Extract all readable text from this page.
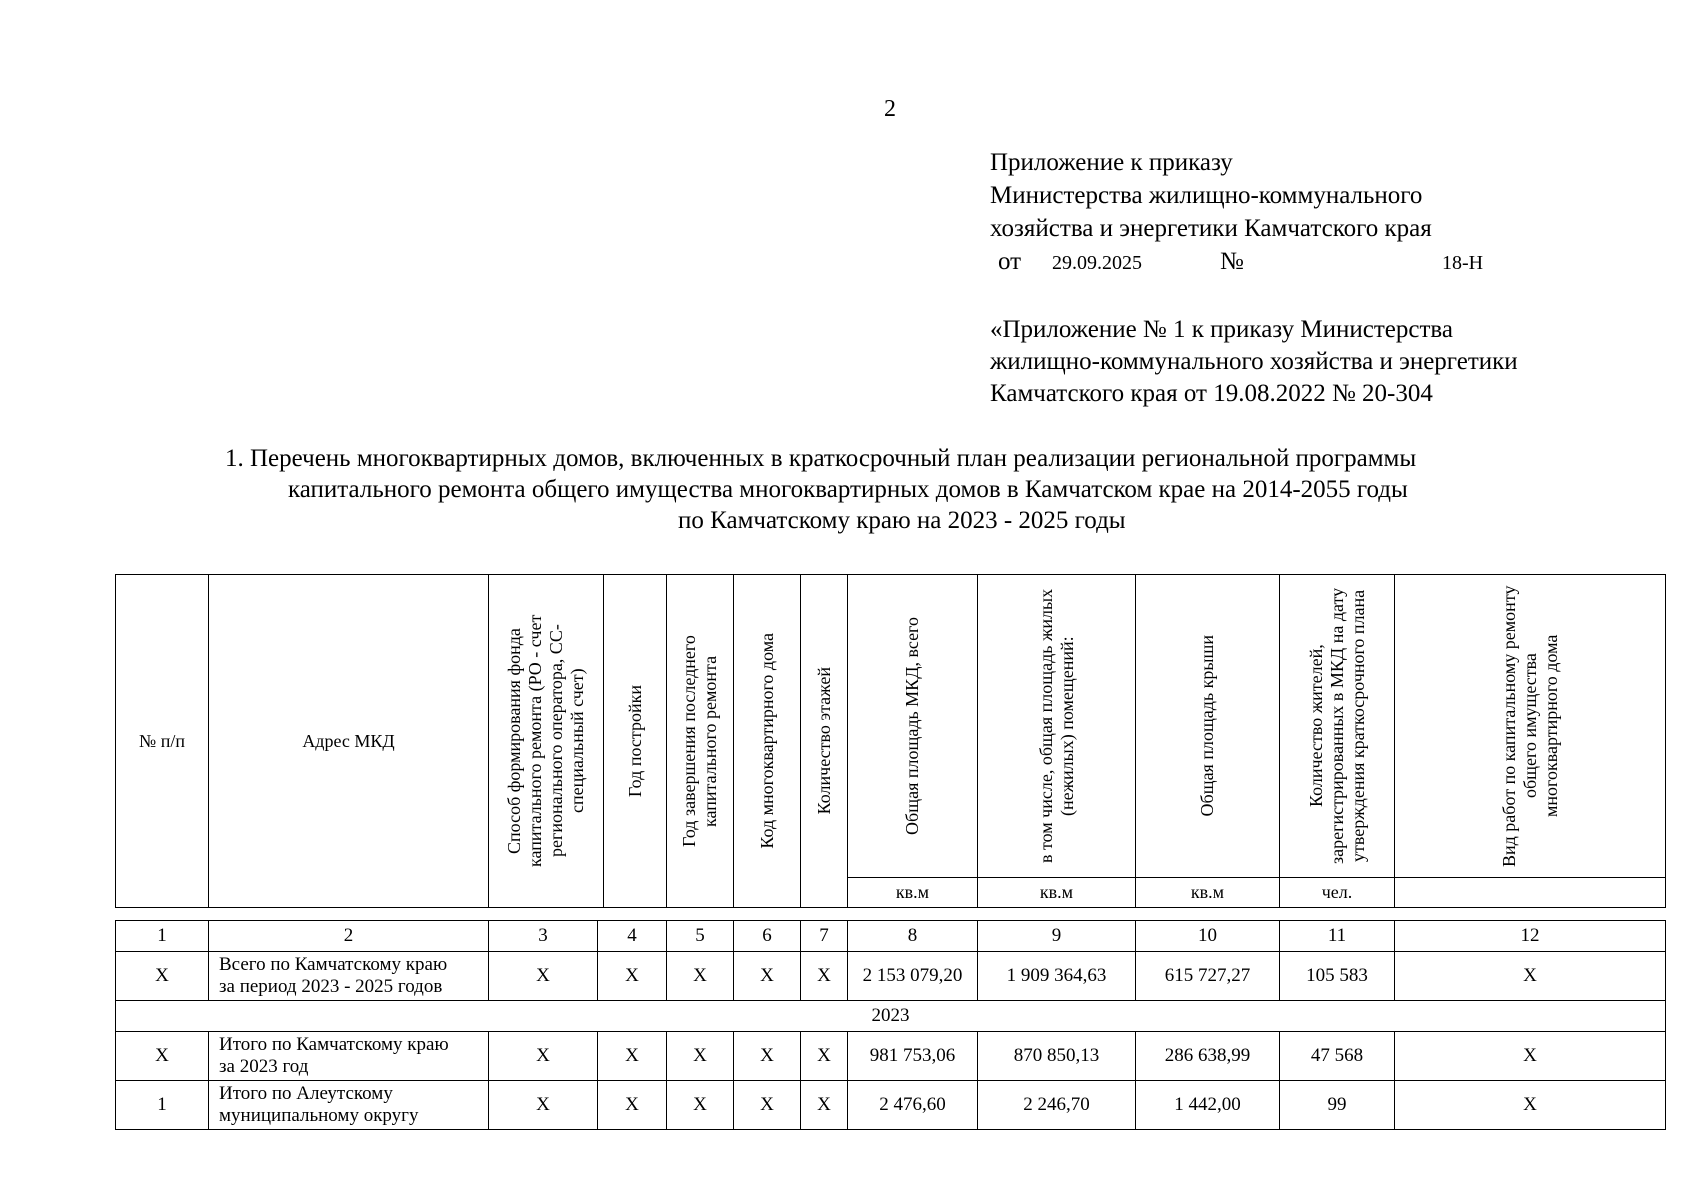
2
Приложение к приказу
Министерства жилищно-коммунального
хозяйства и энергетики Камчатского края
от 29.09.2025	№	18-Н
«Приложение № 1 к приказу Министерства
жилищно-коммунального хозяйства и энергетики
Камчатского края от 19.08.2022 № 20-304
1. Перечень многоквартирных домов, включенных в краткосрочный план реализации региональной программы
капитального ремонта общего имущества многоквартирных домов в Камчатском крае на 2014-2055 годы
по Камчатскому краю на 2023 - 2025 годы
№ п/п	Адрес МКД	Способ формирования фонда капитального ремонта (РО - счет регионального оператора, СС- специальный счет)	Год постройки	Год завершения последнего капитального ремонта	Код многоквартирного дома	Количество этажей	Общая площадь МКД, всего	в том числе, общая площадь жилых (нежилых) помещений:	Общая площадь крыши	Количество жителей, зарегистрированных в МКД на дату утверждения краткосрочного плана	Вид работ по капитальному ремонту общего имущества многоквартирного дома

							кв.м	кв.м	кв.м	чел.	
1	2	3	4	5	6	7	8	9	10	11	12
Х	Всего по Камчатскому краю
за период 2023 - 2025 годов	Х	Х	Х	Х	Х	2 153 079,20	1 909 364,63	615 727,27	105 583	Х
2023											
Х	Итого по Камчатскому краю
за 2023 год	Х	Х	Х	Х	Х	981 753,06	870 850,13	286 638,99	47 568	Х
1	Итого по Алеутскому
муниципальному округу	Х	Х	Х	Х	Х	2 476,60	2 246,70	1 442,00	99	Х
